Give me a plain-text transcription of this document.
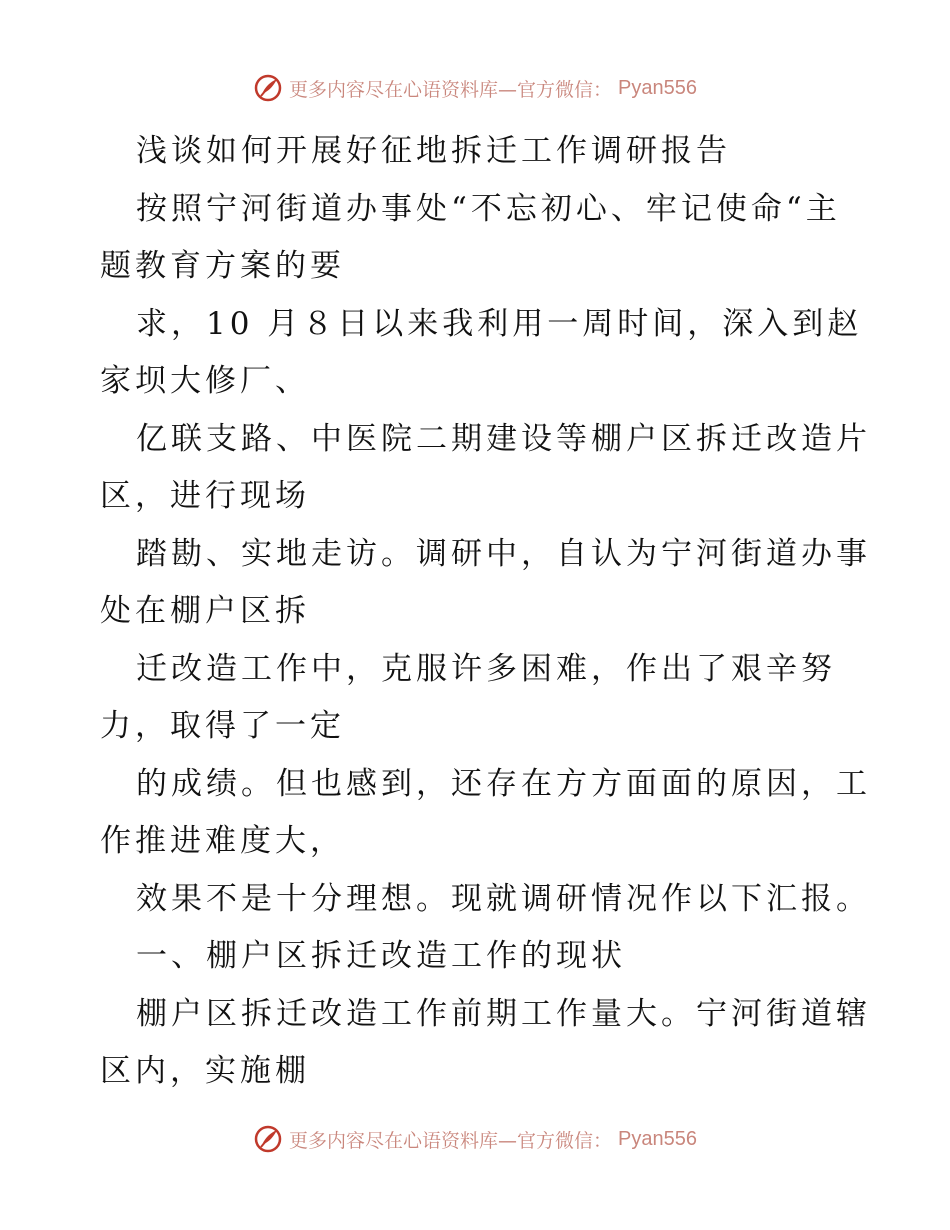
更多内容尽在心语资料库—官方微信： Pyan556
浅谈如何开展好征地拆迁工作调研报告
按照宁河街道办事处“不忘初心、牢记使命“主
题教育方案的要
求，10 月８日以来我利用一周时间，深入到赵
家坝大修厂、
亿联支路、中医院二期建设等棚户区拆迁改造片
区，进行现场
踏勘、实地走访。调研中，自认为宁河街道办事
处在棚户区拆
迁改造工作中，克服许多困难，作出了艰辛努
力，取得了一定
的成绩。但也感到，还存在方方面面的原因，工
作推进难度大，
效果不是十分理想。现就调研情况作以下汇报。
一、棚户区拆迁改造工作的现状
棚户区拆迁改造工作前期工作量大。宁河街道辖
区内，实施棚
更多内容尽在心语资料库—官方微信： Pyan556
